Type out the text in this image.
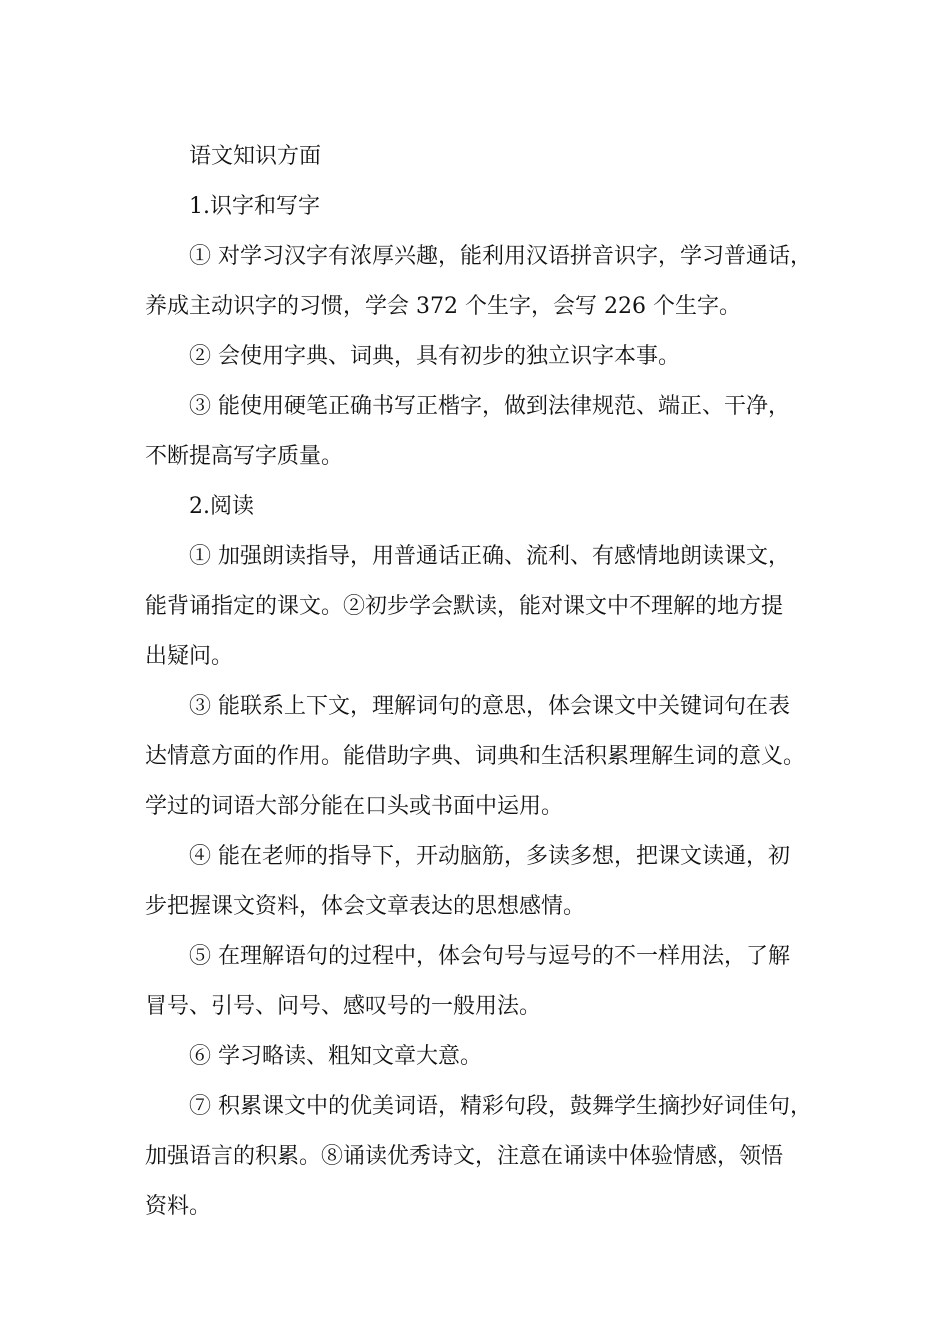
语文知识方面

1.识字和写字

① 对学习汉字有浓厚兴趣，能利用汉语拼音识字，学习普通话，

养成主动识字的习惯，学会 372 个生字，会写 226 个生字。

② 会使用字典、词典，具有初步的独立识字本事。

③ 能使用硬笔正确书写正楷字，做到法律规范、端正、干净，

不断提高写字质量。

2.阅读

① 加强朗读指导，用普通话正确、流利、有感情地朗读课文，

能背诵指定的课文。②初步学会默读，能对课文中不理解的地方提
出疑问。

③ 能联系上下文，理解词句的意思，体会课文中关键词句在表

达情意方面的作用。能借助字典、词典和生活积累理解生词的意义。
学过的词语大部分能在口头或书面中运用。

④ 能在老师的指导下，开动脑筋，多读多想，把课文读通，初

步把握课文资料，体会文章表达的思想感情。

⑤ 在理解语句的过程中，体会句号与逗号的不一样用法，了解

冒号、引号、问号、感叹号的一般用法。

⑥ 学习略读、粗知文章大意。

⑦ 积累课文中的优美词语，精彩句段，鼓舞学生摘抄好词佳句，

加强语言的积累。⑧诵读优秀诗文，注意在诵读中体验情感，领悟
资料。
